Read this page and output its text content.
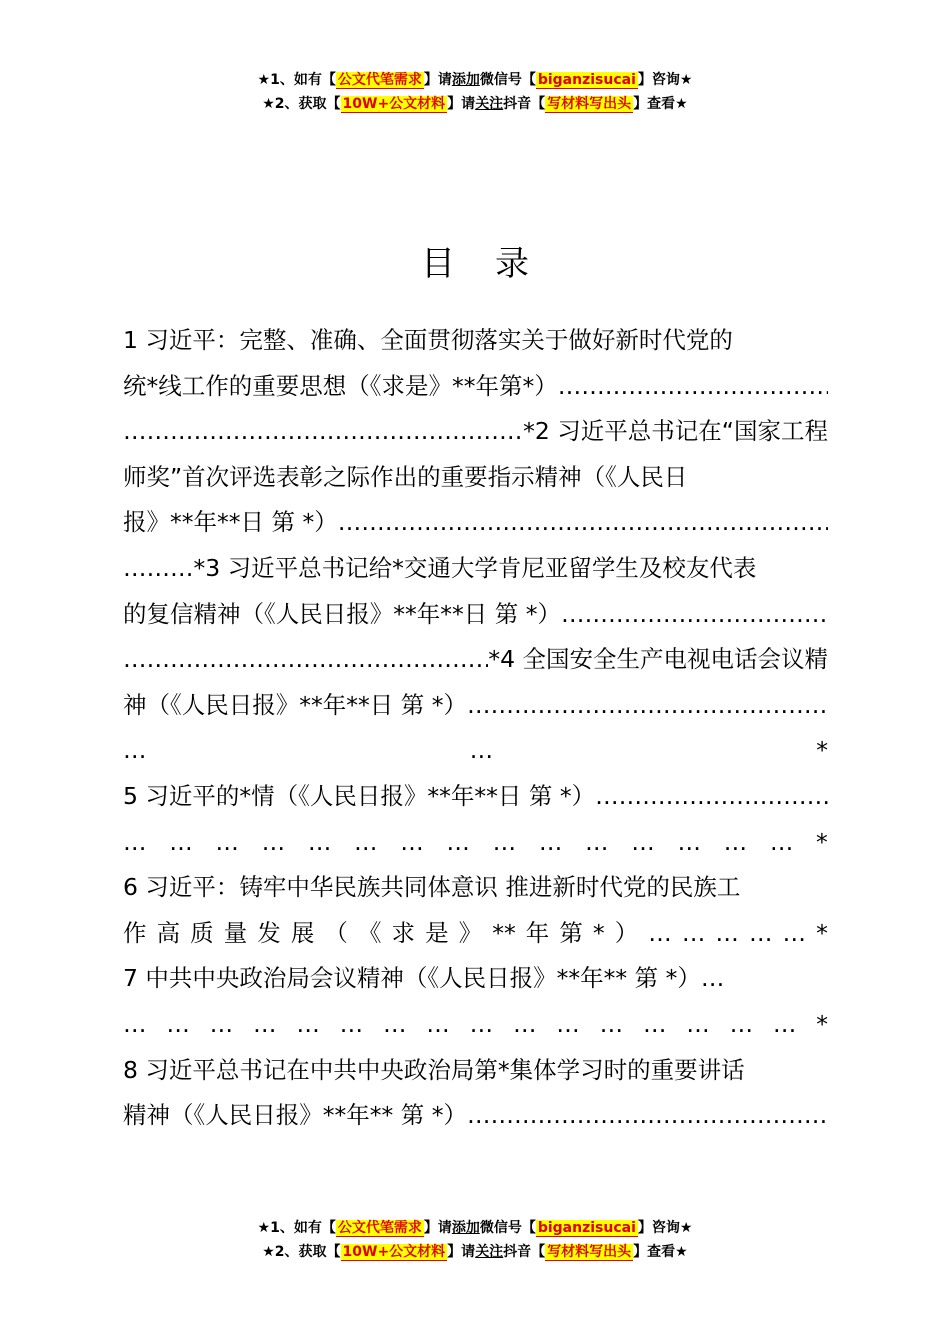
★1、如有【 公文代笔需求 】请添加微信号【 biganzisucai 】咨询★
★2、获取【 10W+公文材料 】请关注抖音【 写材料写出头 】查看★
目录
1 习近平：完整、准确、全面贯彻落实关于做好新时代党的
统*线工作的重要思想（《求是》**年第*）
……………………………………………………………………………………………………………
……………………………………………………………………………………………………………
*2 习近平总书记在“国家工程
师奖”首次评选表彰之际作出的重要指示精神（《人民日
报》**年**日 第 *）
……………………………………………………………………………………………………………
………*3 习近平总书记给*交通大学肯尼亚留学生及校友代表
的复信精神（《人民日报》**年**日 第 *）
……………………………………………………………………………………………………………
……………………………………………………………………………………………………………
*4 全国安全生产电视电话会议精
神（《人民日报》**年**日 第 *）
……………………………………………………………………………………………………………
…	…	*
5 习近平的*情（《人民日报》**年**日 第 *）
……………………………………………………………………………………………………………
… … … … … … … … … … … … … … … *
6 习近平：铸牢中华民族共同体意识 推进新时代党的民族工
作 高 质 量 发 展 （ 《 求 是 》 ** 年 第 * ） … … … … … *
7 中共中央政治局会议精神（《人民日报》**年** 第 *）…
… … … … … … … … … … … … … … … … *
8 习近平总书记在中共中央政治局第*集体学习时的重要讲话
精神（《人民日报》**年** 第 *）
……………………………………………………………………………………………………………
★1、如有【 公文代笔需求 】请添加微信号【 biganzisucai 】咨询★
★2、获取【 10W+公文材料 】请关注抖音【 写材料写出头 】查看★
